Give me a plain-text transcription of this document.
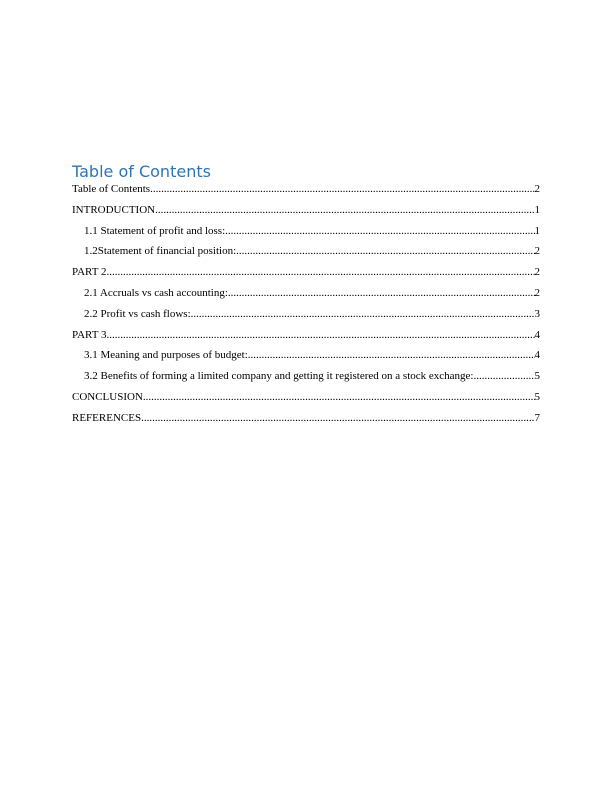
Table of Contents
Table of Contents .....	2
INTRODUCTION .....	1
1.1 Statement of profit and loss: .....	1
1.2Statement of financial position: .....	2
PART 2 .....	2
2.1 Accruals vs cash accounting: .....	2
2.2 Profit vs cash flows: .....	3
PART 3 .....	4
3.1 Meaning and purposes of budget: .....	4
3.2 Benefits of forming a limited company and getting it registered on a stock exchange: .....	5
CONCLUSION .....	5
REFERENCES .....	7
